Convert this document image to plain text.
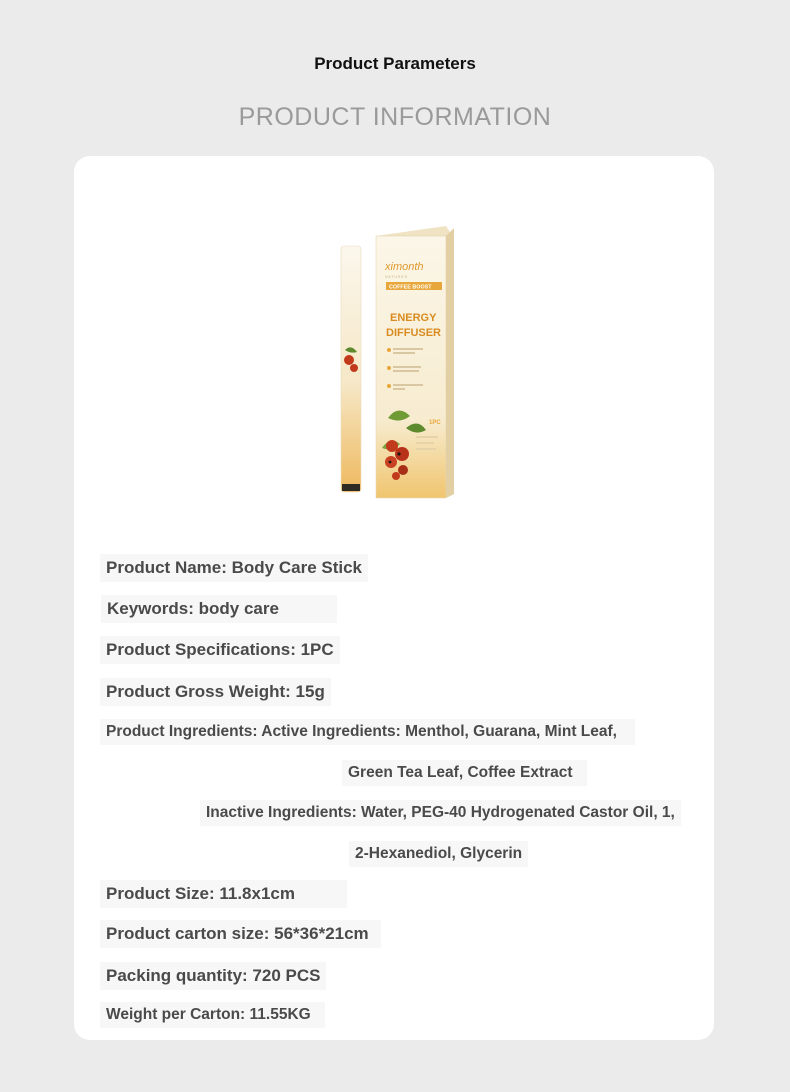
Product Parameters
PRODUCT INFORMATION
ximonth
N A T U R E S
COFFEE BOOST
ENERGY
DIFFUSER
1PC
Product Name: Body Care Stick
Keywords: body care
Product Specifications: 1PC
Product Gross Weight: 15g
Product Ingredients: Active Ingredients: Menthol, Guarana, Mint Leaf,
Green Tea Leaf, Coffee Extract
Inactive Ingredients: Water, PEG-40 Hydrogenated Castor Oil, 1,
2-Hexanediol, Glycerin
Product Size: 11.8x1cm
Product carton size: 56*36*21cm
Packing quantity: 720 PCS
Weight per Carton: 11.55KG
